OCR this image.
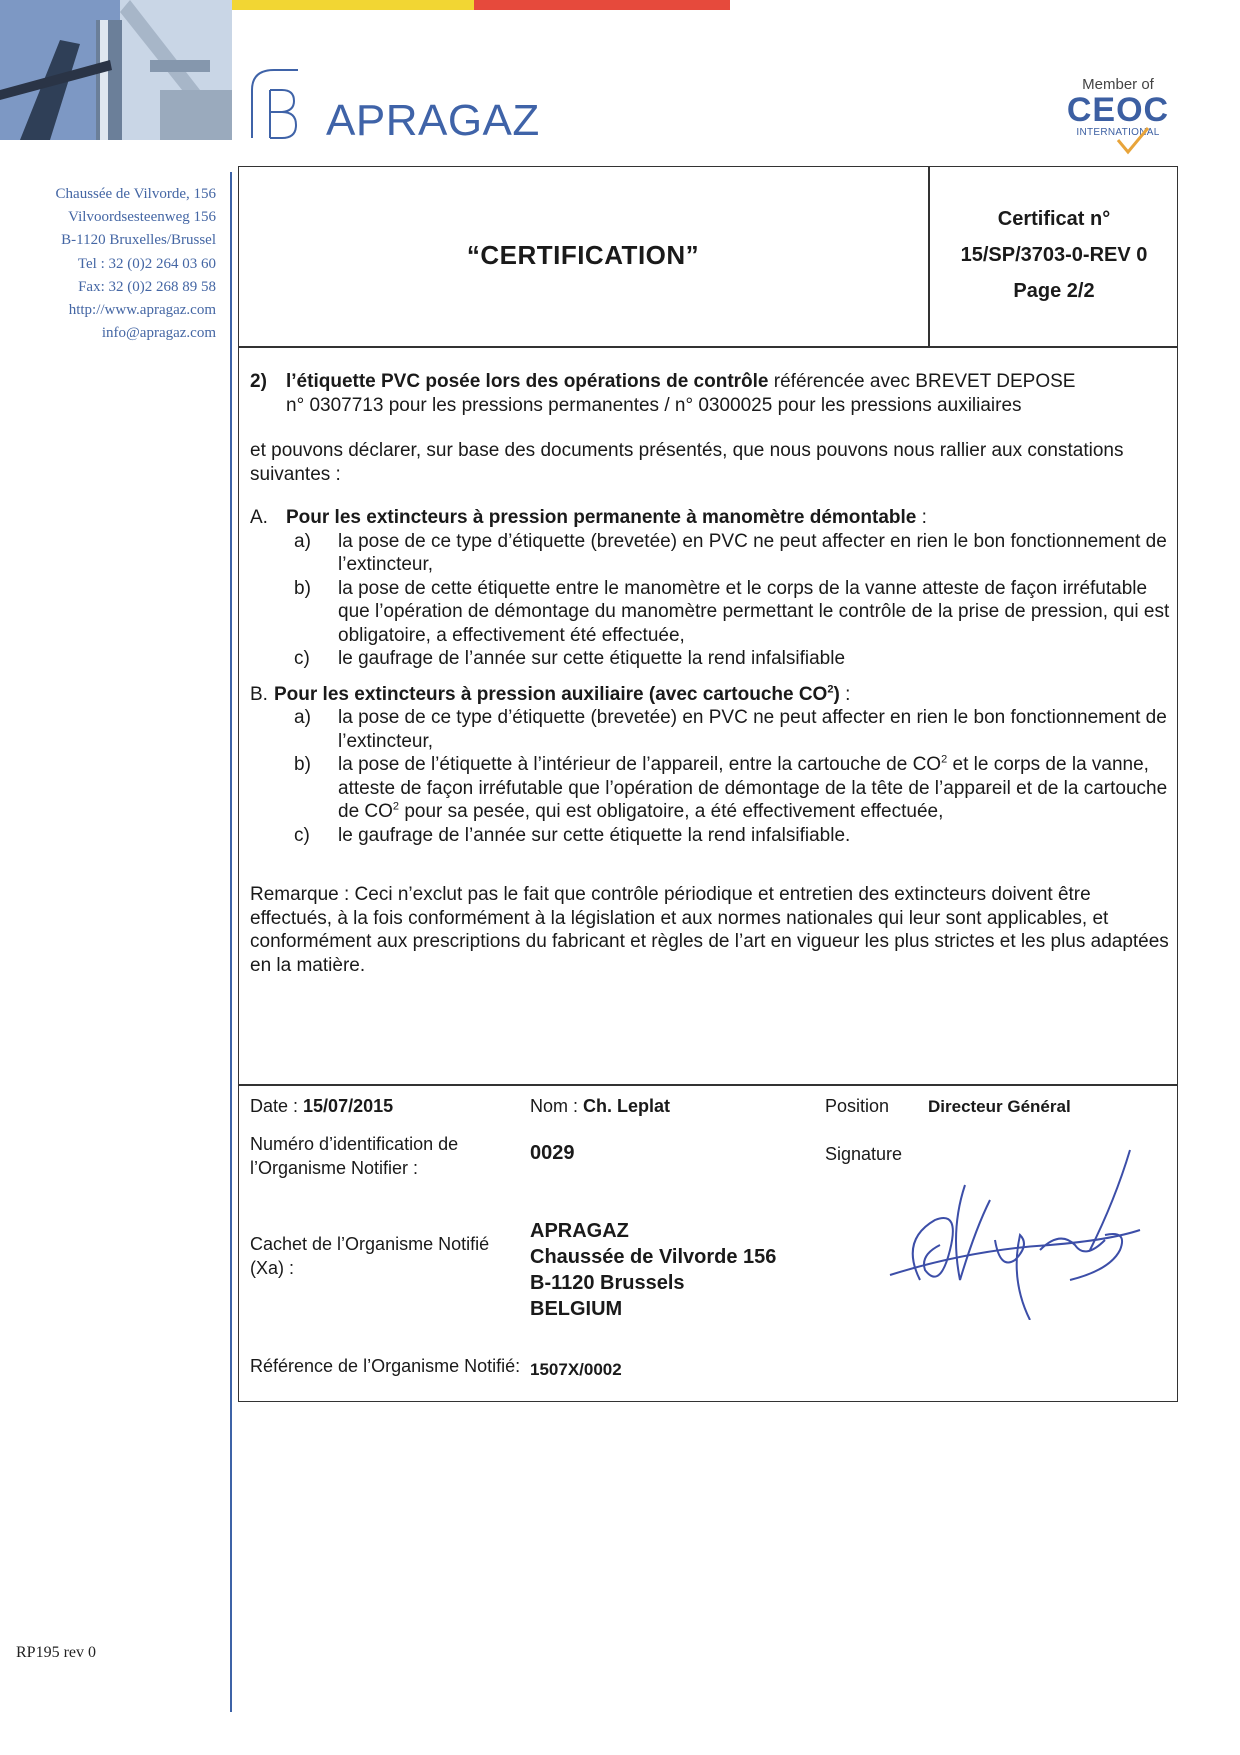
APRAGAZ
Member of
CEOC
INTERNATIONAL
Chaussée de Vilvorde, 156
Vilvoordsesteenweg 156
B-1120 Bruxelles/Brussel
Tel : 32 (0)2 264 03 60
Fax: 32 (0)2 268 89 58
http://www.apragaz.com
info@apragaz.com
RP195 rev 0
“CERTIFICATION”
Certificat n°
15/SP/3703-0-REV 0
Page 2/2
2)	l’étiquette PVC posée lors des opérations de contrôle référencée avec BREVET DEPOSE
n° 0307713 pour les pressions permanentes / n° 0300025 pour les pressions auxiliaires

et pouvons déclarer, sur base des documents présentés, que nous pouvons nous rallier aux constations suivantes :

A. Pour les extincteurs à pression permanente à manomètre démontable :
a)	la pose de ce type d’étiquette (brevetée) en PVC ne peut affecter en rien le bon fonctionnement de l’extincteur,
b)	la pose de cette étiquette entre le manomètre et le corps de la vanne atteste de façon irréfutable que l’opération de démontage du manomètre permettant le contrôle de la prise de pression, qui est obligatoire, a effectivement été effectuée,
c)	le gaufrage de l’année sur cette étiquette la rend infalsifiable
B. Pour les extincteurs à pression auxiliaire (avec cartouche $CO^2$) :
a)	la pose de ce type d’étiquette (brevetée) en PVC ne peut affecter en rien le bon fonctionnement de l’extincteur,
b)	la pose de l’étiquette à l’intérieur de l’appareil, entre la cartouche de $CO^2$ et le corps de la vanne, atteste de façon irréfutable que l’opération de démontage de la tête de l’appareil et de la cartouche de $CO^2$ pour sa pesée, qui est obligatoire, a été effectivement effectuée,
c)	le gaufrage de l’année sur cette étiquette la rend infalsifiable.

Remarque : Ceci n’exclut pas le fait que contrôle périodique et entretien des extincteurs doivent être effectués, à la fois conformément à la législation et aux normes nationales qui leur sont applicables, et conformément aux prescriptions du fabricant et règles de l’art en vigueur les plus strictes et les plus adaptées en la matière.

Date : 15/07/2015	Nom : Ch. Leplat	Position Directeur Général
Numéro d’identification de
l’Organisme Notifier :
0029	Signature
Cachet de l’Organisme Notifié
(Xa) :
APRAGAZ
Chaussée de Vilvorde 156
B-1120 Brussels
BELGIUM
Référence de l’Organisme Notifié: 1507X/0002
